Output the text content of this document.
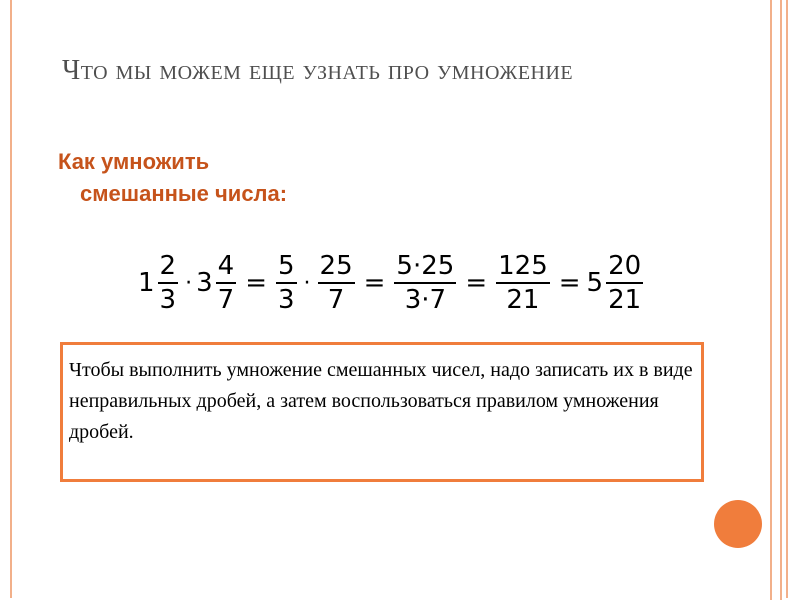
Что мы можем еще узнать про умножение
Как умножить
смешанные числа:
$1 \frac{2}{3} \cdot 3 \frac{4}{7} = \frac{5}{3} \cdot \frac{25}{7} = \frac{5\cdot 25}{3\cdot 7} = \frac{125}{21} = 5 \frac{20}{21}$
Чтобы выполнить умножение смешанных чисел, надо записать их в виде неправильных дробей, а затем воспользоваться правилом умножения дробей.
